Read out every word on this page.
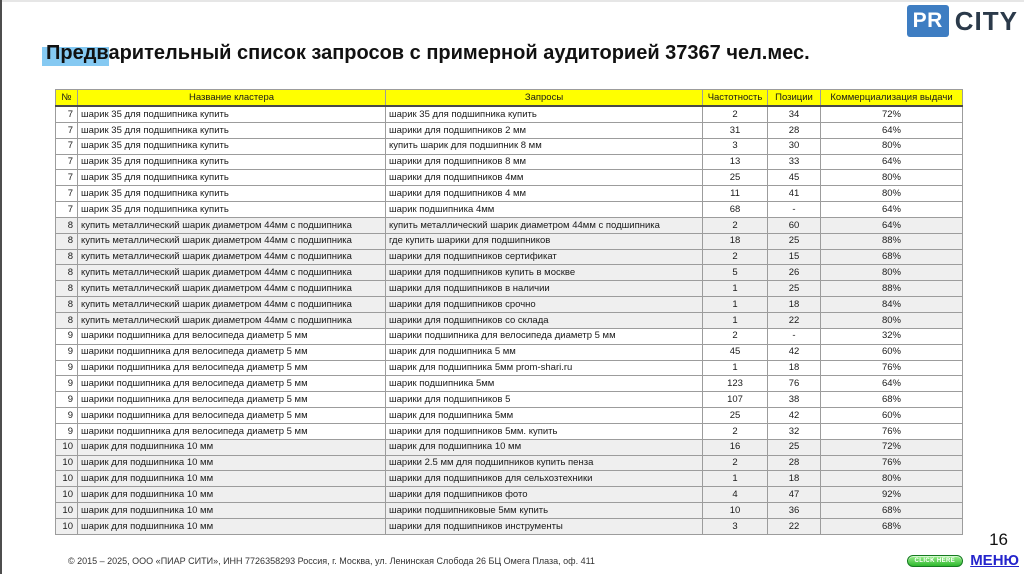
PR CITY
Предварительный список запросов с примерной аудиторией 37367 чел.мес.
№	Название кластера	Запросы	Частотность	Позиции	Коммерциализация выдачи
7	шарик 35 для подшипника купить	шарик 35 для подшипника купить	2	34	72%
7	шарик 35 для подшипника купить	шарики для подшипников 2 мм	31	28	64%
7	шарик 35 для подшипника купить	купить шарик для подшипник 8 мм	3	30	80%
7	шарик 35 для подшипника купить	шарики для подшипников 8 мм	13	33	64%
7	шарик 35 для подшипника купить	шарики для подшипников 4мм	25	45	80%
7	шарик 35 для подшипника купить	шарики для подшипников 4 мм	11	41	80%
7	шарик 35 для подшипника купить	шарик подшипника 4мм	68	-	64%
8	купить металлический шарик диаметром 44мм с подшипника	купить металлический шарик диаметром 44мм с подшипника	2	60	64%
8	купить металлический шарик диаметром 44мм с подшипника	где купить шарики для подшипников	18	25	88%
8	купить металлический шарик диаметром 44мм с подшипника	шарики для подшипников сертификат	2	15	68%
8	купить металлический шарик диаметром 44мм с подшипника	шарики для подшипников купить в москве	5	26	80%
8	купить металлический шарик диаметром 44мм с подшипника	шарики для подшипников в наличии	1	25	88%
8	купить металлический шарик диаметром 44мм с подшипника	шарики для подшипников срочно	1	18	84%
8	купить металлический шарик диаметром 44мм с подшипника	шарики для подшипников со склада	1	22	80%
9	шарики подшипника для велосипеда диаметр 5 мм	шарики подшипника для велосипеда диаметр 5 мм	2	-	32%
9	шарики подшипника для велосипеда диаметр 5 мм	шарик для подшипника 5 мм	45	42	60%
9	шарики подшипника для велосипеда диаметр 5 мм	шарик для подшипника 5мм prom-shari.ru	1	18	76%
9	шарики подшипника для велосипеда диаметр 5 мм	шарик подшипника 5мм	123	76	64%
9	шарики подшипника для велосипеда диаметр 5 мм	шарики для подшипников 5	107	38	68%
9	шарики подшипника для велосипеда диаметр 5 мм	шарик для подшипника 5мм	25	42	60%
9	шарики подшипника для велосипеда диаметр 5 мм	шарики для подшипников 5мм. купить	2	32	76%
10	шарик для подшипника 10 мм	шарик для подшипника 10 мм	16	25	72%
10	шарик для подшипника 10 мм	шарики 2.5 мм для подшипников купить пенза	2	28	76%
10	шарик для подшипника 10 мм	шарики для подшипников для сельхозтехники	1	18	80%
10	шарик для подшипника 10 мм	шарики для подшипников фото	4	47	92%
10	шарик для подшипника 10 мм	шарики подшипниковые 5мм купить	10	36	68%
10	шарик для подшипника 10 мм	шарики для подшипников инструменты	3	22	68%
© 2015 – 2025, ООО «ПИАР СИТИ», ИНН 7726358293 Россия, г. Москва, ул. Ленинская Слобода 26 БЦ Омега Плаза, оф. 411
16
CLICK HERE	МЕНЮ
